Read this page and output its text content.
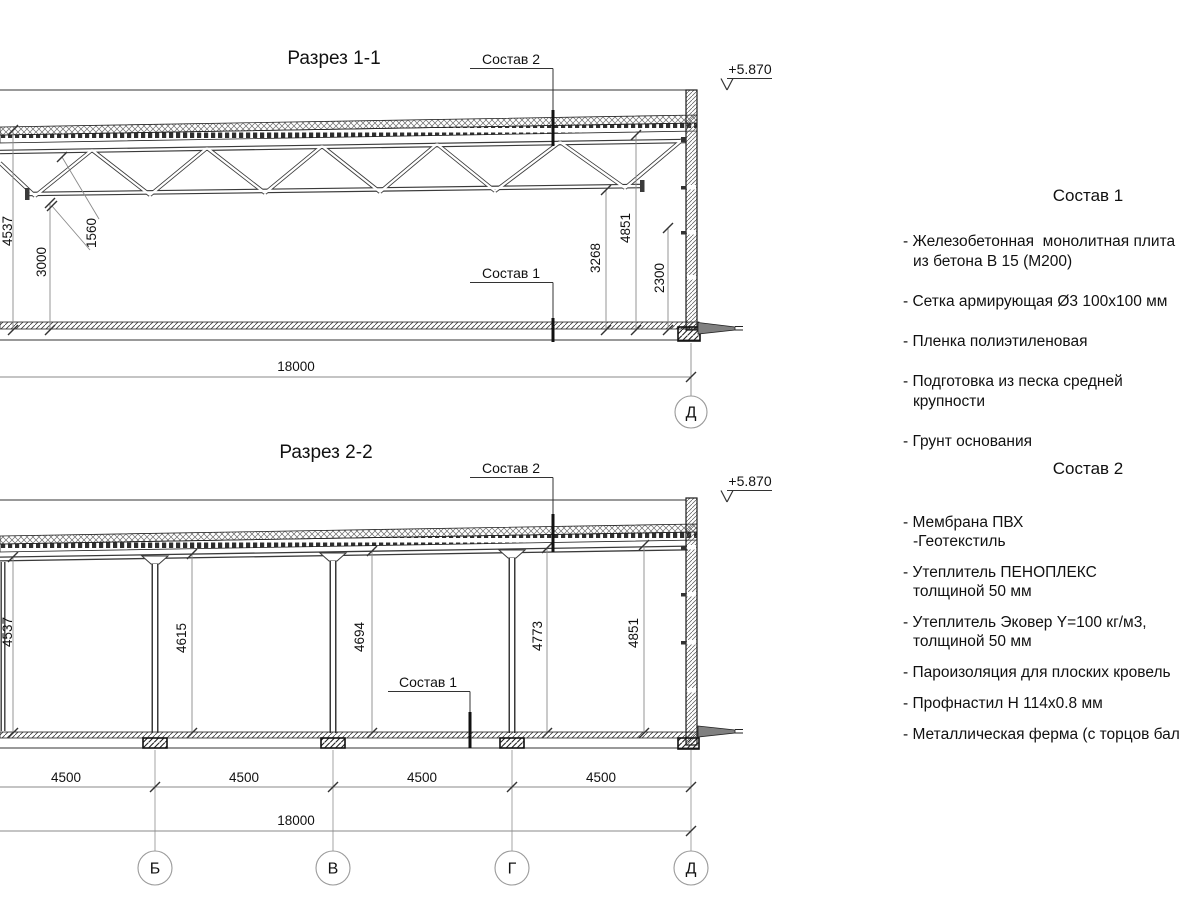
Разрез 1-1
4537	1560
3000	3268
4851
2300
18000
Д
Состав 2
Состав 1
+5.870
Разрез 2-2
4537	4615	4694	4773	4851
4500	4500	4500	4500
18000
Б	В	Г	Д
Состав 2
Состав 1
+5.870

Состав 1

- Железобетонная  монолитная плита
из бетона В 15 (М200)
- Сетка армирующая Ø3 100х100 мм
- Пленка полиэтиленовая
- Подготовка из песка средней
крупности
- Грунт основания

Состав 2

- Мембрана ПВХ
-Геотекстиль
- Утеплитель ПЕНОПЛЕКС
толщиной 50 мм
- Утеплитель Эковер Y=100 кг/м3,
толщиной 50 мм
- Пароизоляция для плоских кровель
- Профнастил Н 114х0.8 мм
- Металлическая ферма (с торцов бал
